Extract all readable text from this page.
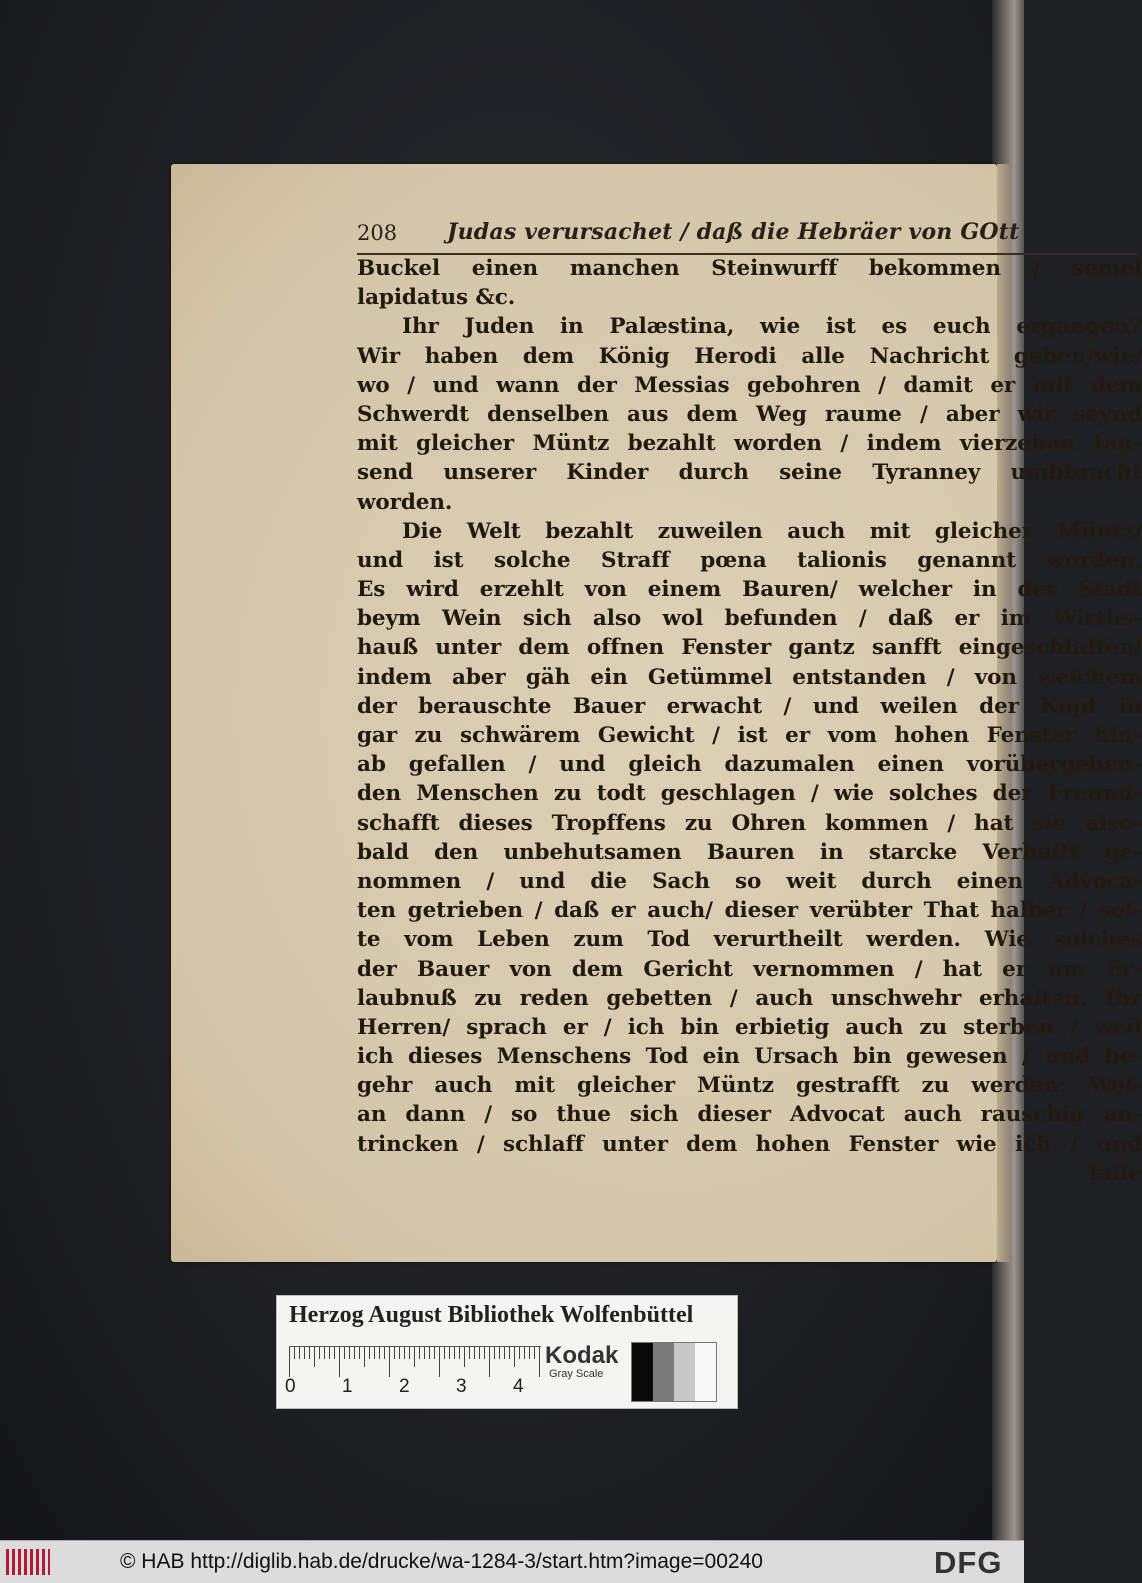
208 Judas verursachet / daß die Hebräer von GOtt
Buckel einen manchen Steinwurff bekommen / semel
lapidatus &c.
Ihr Juden in Palæstina, wie ist es euch ergangen?
Wir haben dem König Herodi alle Nachricht geben/wie/
wo / und wann der Messias gebohren / damit er mit dem
Schwerdt denselben aus dem Weg raume / aber wir seynd
mit gleicher Müntz bezahlt worden / indem vierzehen tau-
send unserer Kinder durch seine Tyranney umbbracht
worden.
Die Welt bezahlt zuweilen auch mit gleicher Müntz/
und ist solche Straff pœna talionis genannt worden.
Es wird erzehlt von einem Bauren/ welcher in der Stadt
beym Wein sich also wol befunden / daß er im Wirths-
hauß unter dem offnen Fenster gantz sanfft eingeschlaffen/
indem aber gäh ein Getümmel entstanden / von welchem
der berauschte Bauer erwacht / und weilen der Kopf in
gar zu schwärem Gewicht / ist er vom hohen Fenster hin-
ab gefallen / und gleich dazumalen einen vorübergehen-
den Menschen zu todt geschlagen / wie solches der Freund-
schafft dieses Tropffens zu Ohren kommen / hat sie also-
bald den unbehutsamen Bauren in starcke Verhafft ge-
nommen / und die Sach so weit durch einen Advoca-
ten getrieben / daß er auch/ dieser verübter That halber / sol-
te vom Leben zum Tod verurtheilt werden. Wie solches
der Bauer von dem Gericht vernommen / hat er um Er-
laubnuß zu reden gebetten / auch unschwehr erhalten. Ihr
Herren/ sprach er / ich bin erbietig auch zu sterben / weil
ich dieses Menschens Tod ein Ursach bin gewesen / und be-
gehr auch mit gleicher Müntz gestrafft zu werden: Wol-
an dann / so thue sich dieser Advocat auch rauschig an-
trincken / schlaff unter dem hohen Fenster wie ich / und
falle
Herzog August Bibliothek Wolfenbüttel
0 1 2 3 4
Kodak
Gray Scale
© HAB http://diglib.hab.de/drucke/wa-1284-3/start.htm?image=00240	DFG
